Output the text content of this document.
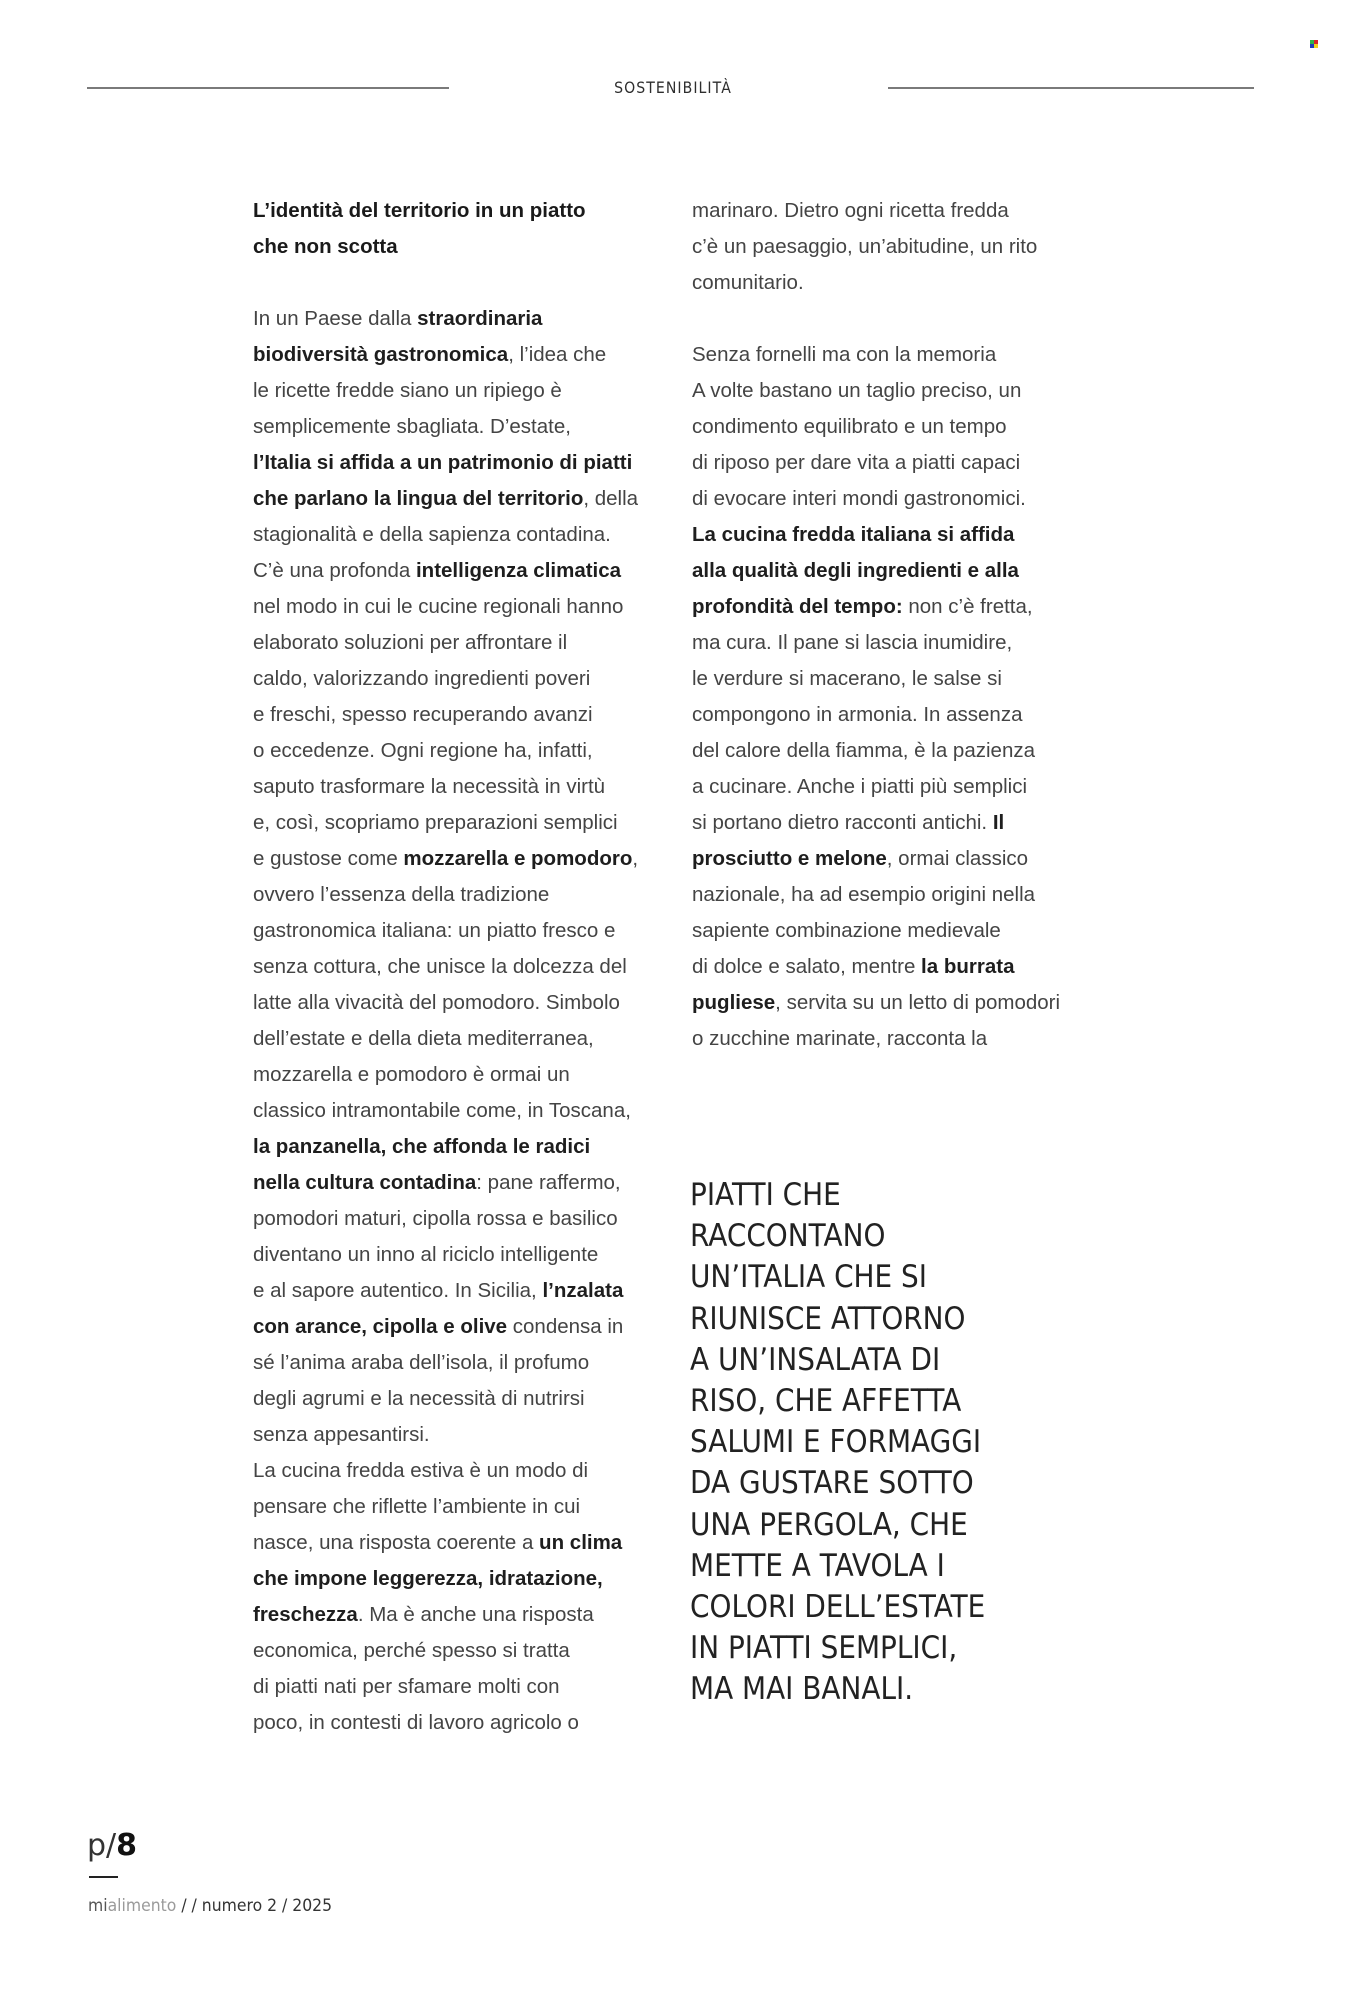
SOSTENIBILITÀ
L’identità del territorio in un piatto
che non scotta
In un Paese dalla straordinaria
biodiversità gastronomica, l’idea che
le ricette fredde siano un ripiego è
semplicemente sbagliata. D’estate,
l’Italia si affida a un patrimonio di piatti
che parlano la lingua del territorio, della
stagionalità e della sapienza contadina.
C’è una profonda intelligenza climatica
nel modo in cui le cucine regionali hanno
elaborato soluzioni per affrontare il
caldo, valorizzando ingredienti poveri
e freschi, spesso recuperando avanzi
o eccedenze. Ogni regione ha, infatti,
saputo trasformare la necessità in virtù
e, così, scopriamo preparazioni semplici
e gustose come mozzarella e pomodoro,
ovvero l’essenza della tradizione
gastronomica italiana: un piatto fresco e
senza cottura, che unisce la dolcezza del
latte alla vivacità del pomodoro. Simbolo
dell’estate e della dieta mediterranea,
mozzarella e pomodoro è ormai un
classico intramontabile come, in Toscana,
la panzanella, che affonda le radici
nella cultura contadina: pane raffermo,
pomodori maturi, cipolla rossa e basilico
diventano un inno al riciclo intelligente
e al sapore autentico. In Sicilia, l’nzalata
con arance, cipolla e olive condensa in
sé l’anima araba dell’isola, il profumo
degli agrumi e la necessità di nutrirsi
senza appesantirsi.
La cucina fredda estiva è un modo di
pensare che riflette l’ambiente in cui
nasce, una risposta coerente a un clima
che impone leggerezza, idratazione,
freschezza. Ma è anche una risposta
economica, perché spesso si tratta
di piatti nati per sfamare molti con
poco, in contesti di lavoro agricolo o
marinaro. Dietro ogni ricetta fredda
c’è un paesaggio, un’abitudine, un rito
comunitario.
Senza fornelli ma con la memoria
A volte bastano un taglio preciso, un
condimento equilibrato e un tempo
di riposo per dare vita a piatti capaci
di evocare interi mondi gastronomici.
La cucina fredda italiana si affida
alla qualità degli ingredienti e alla
profondità del tempo: non c’è fretta,
ma cura. Il pane si lascia inumidire,
le verdure si macerano, le salse si
compongono in armonia. In assenza
del calore della fiamma, è la pazienza
a cucinare. Anche i piatti più semplici
si portano dietro racconti antichi. Il
prosciutto e melone, ormai classico
nazionale, ha ad esempio origini nella
sapiente combinazione medievale
di dolce e salato, mentre la burrata
pugliese, servita su un letto di pomodori
o zucchine marinate, racconta la
PIATTI CHE
RACCONTANO
UN’ITALIA CHE SI
RIUNISCE ATTORNO
A UN’INSALATA DI
RISO, CHE AFFETTA
SALUMI E FORMAGGI
DA GUSTARE SOTTO
UNA PERGOLA, CHE
METTE A TAVOLA I
COLORI DELL’ESTATE
IN PIATTI SEMPLICI,
MA MAI BANALI.
p/8
mialimento / / numero 2 / 2025
